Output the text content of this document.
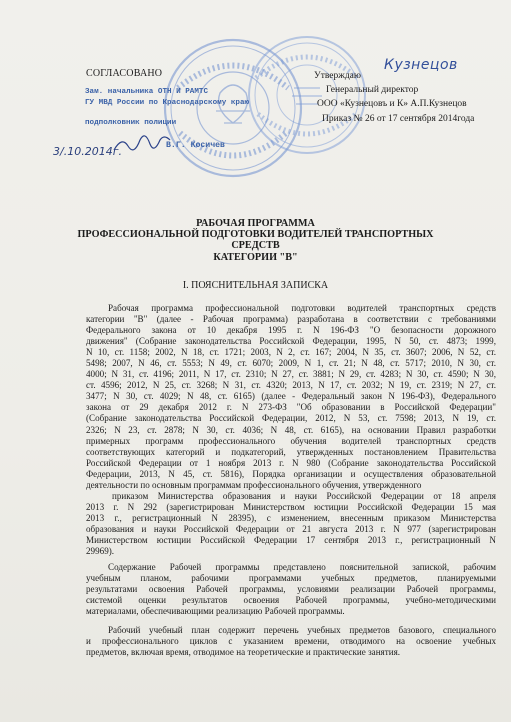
СОГЛАСОВАНО
Зам. начальника ОТН И РАМТС
ГУ МВД России по Краснодарскому краю
подполковник полиции
3/.10.2014г.	В.Г. Косичев
Утверждаю
Генеральный директор
ООО «Кузнецовъ и К» А.П.Кузнецов
Приказ № 26 от 17 сентября 2014года
Кузнецов
РАБОЧАЯ ПРОГРАММА
ПРОФЕССИОНАЛЬНОЙ ПОДГОТОВКИ ВОДИТЕЛЕЙ ТРАНСПОРТНЫХ
СРЕДСТВ
КАТЕГОРИИ "В"
I. ПОЯСНИТЕЛЬНАЯ ЗАПИСКА
Рабочая программа профессиональной подготовки водителей транспортных средств
категории "В" (далее - Рабочая программа) разработана в соответствии с требованиями
Федерального закона от 10 декабря 1995 г. N 196-ФЗ "О безопасности дорожного
движения" (Собрание законодательства Российской Федерации, 1995, N 50, ст. 4873; 1999,
N 10, ст. 1158; 2002, N 18, ст. 1721; 2003, N 2, ст. 167; 2004, N 35, ст. 3607; 2006, N 52, ст.
5498; 2007, N 46, ст. 5553; N 49, ст. 6070; 2009, N 1, ст. 21; N 48, ст. 5717; 2010, N 30, ст.
4000; N 31, ст. 4196; 2011, N 17, ст. 2310; N 27, ст. 3881; N 29, ст. 4283; N 30, ст. 4590; N 30,
ст. 4596; 2012, N 25, ст. 3268; N 31, ст. 4320; 2013, N 17, ст. 2032; N 19, ст. 2319; N 27, ст.
3477; N 30, ст. 4029; N 48, ст. 6165) (далее - Федеральный закон N 196-ФЗ), Федерального
закона от 29 декабря 2012 г. N 273-ФЗ "Об образовании в Российской Федерации"
(Собрание законодательства Российской Федерации, 2012, N 53, ст. 7598; 2013, N 19, ст.
2326; N 23, ст. 2878; N 30, ст. 4036; N 48, ст. 6165), на основании Правил разработки
примерных программ профессионального обучения водителей транспортных средств
соответствующих категорий и подкатегорий, утвержденных постановлением Правительства
Российской Федерации от 1 ноября 2013 г. N 980 (Собрание законодательства Российской
Федерации, 2013, N 45, ст. 5816), Порядка организации и осуществления образовательной
деятельности по основным программам профессионального обучения, утвержденного
приказом Министерства образования и науки Российской Федерации от 18 апреля
2013 г. N 292 (зарегистрирован Министерством юстиции Российской Федерации 15 мая
2013 г., регистрационный N 28395), с изменением, внесенным приказом Министерства
образования и науки Российской Федерации от 21 августа 2013 г. N 977 (зарегистрирован
Министерством юстиции Российской Федерации 17 сентября 2013 г., регистрационный N
29969).
Содержание Рабочей программы представлено пояснительной запиской, рабочим
учебным планом, рабочими программами учебных предметов, планируемыми
результатами освоения Рабочей программы, условиями реализации Рабочей программы,
системой оценки результатов освоения Рабочей программы, учебно-методическими
материалами, обеспечивающими реализацию Рабочей программы.
Рабочий учебный план содержит перечень учебных предметов базового, специального
и профессионального циклов с указанием времени, отводимого на освоение учебных
предметов, включая время, отводимое на теоретические и практические занятия.
